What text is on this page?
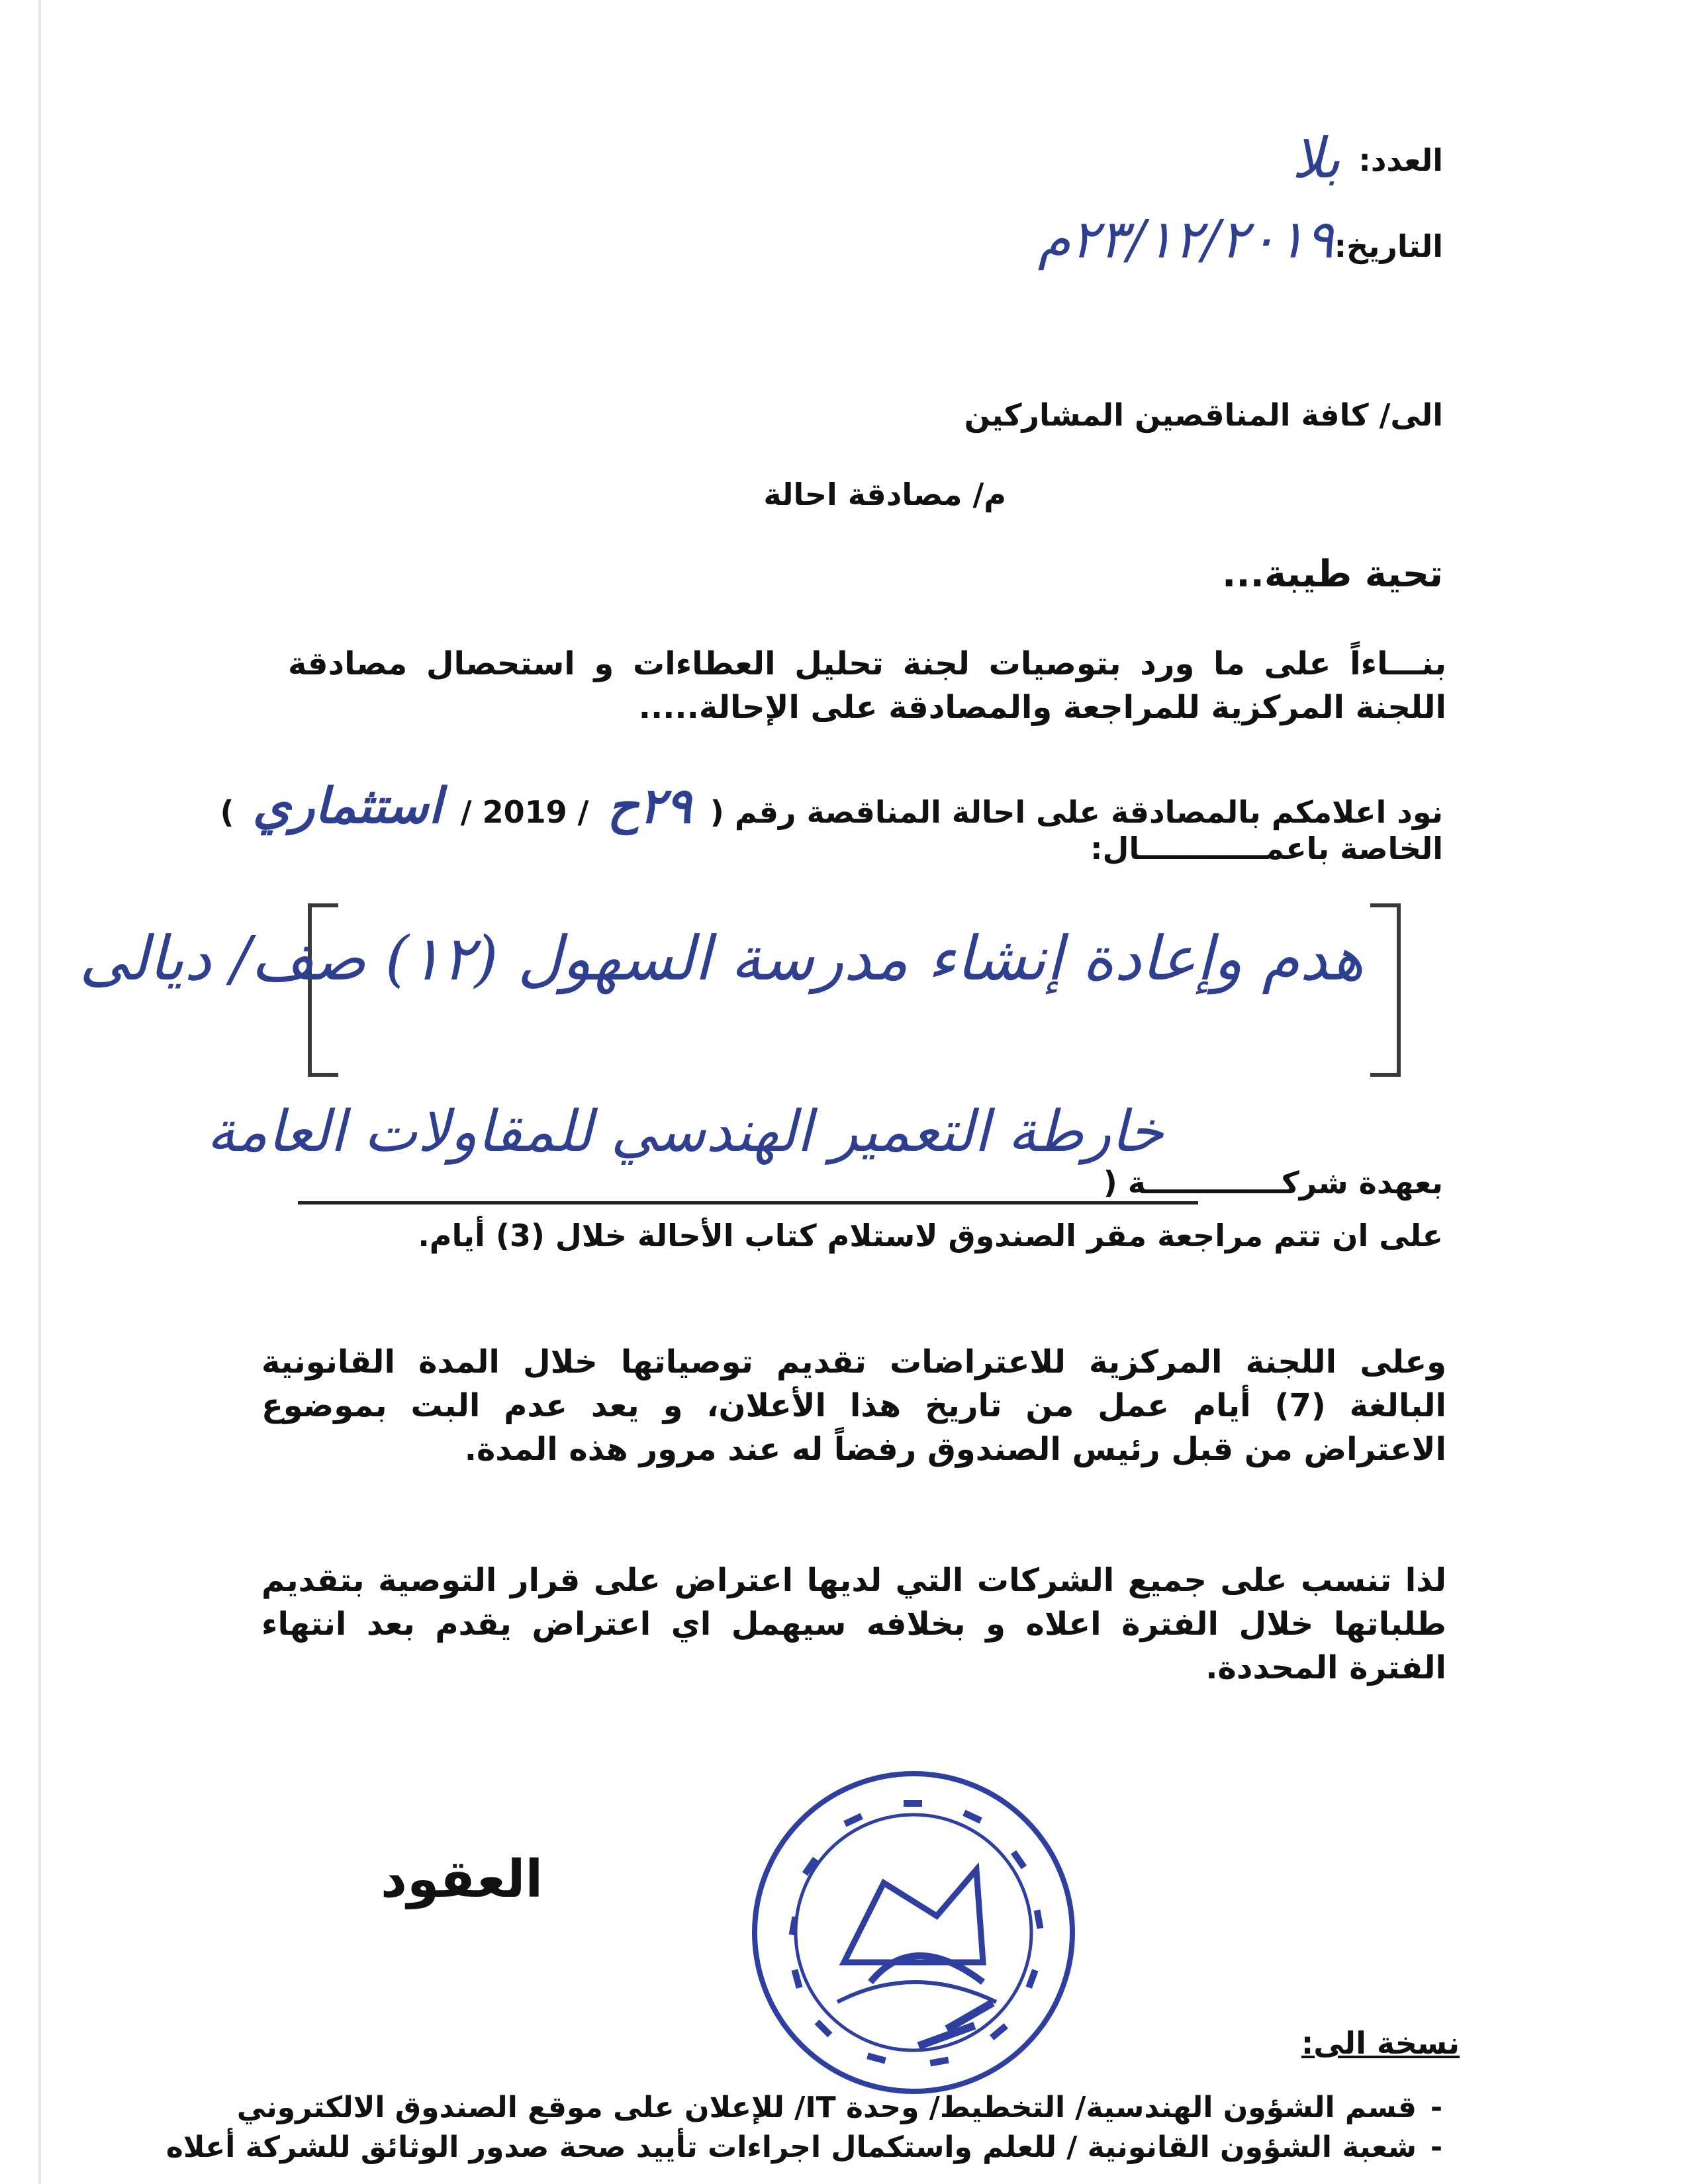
العدد:
بلا
التاريخ:
٢٣/١٢/٢٠١٩م
الى/ كافة المناقصين المشاركين
م/ مصادقة احالة
تحية طيبة...

بنـــاءاً على ما ورد بتوصيات لجنة تحليل العطاءات و استحصال مصادقة اللجنة المركزية للمراجعة والمصادقة على الإحالة.....

نود اعلامكم بالمصادقة على احالة المناقصة رقم ( ٢٩ح / 2019 / استثماري )
الخاصة باعمــــــــــــال:
هدم وإعادة إنشاء مدرسة السهول (١٢) صف/ ديالى
بعهدة شركـــــــــــــة (
خارطة التعمير الهندسي للمقاولات العامة
على ان تتم مراجعة مقر الصندوق لاستلام كتاب الأحالة خلال (3) أيام.

وعلى اللجنة المركزية للاعتراضات تقديم توصياتها خلال المدة القانونية البالغة (7) أيام عمل من تاريخ هذا الأعلان، و يعد عدم البت بموضوع الاعتراض من قبل رئيس الصندوق رفضاً له عند مرور هذه المدة.

لذا تنسب على جميع الشركات التي لديها اعتراض على قرار التوصية بتقديم طلباتها خلال الفترة اعلاه و بخلافه سيهمل اي اعتراض يقدم بعد انتهاء الفترة المحددة.

العقود
نسخة الى:
-
قسم الشؤون الهندسية/ التخطيط/ وحدة IT/ للإعلان على موقع الصندوق الالكتروني
-
شعبة الشؤون القانونية / للعلم واستكمال اجراءات تأييد صحة صدور الوثائق للشركة أعلاه
